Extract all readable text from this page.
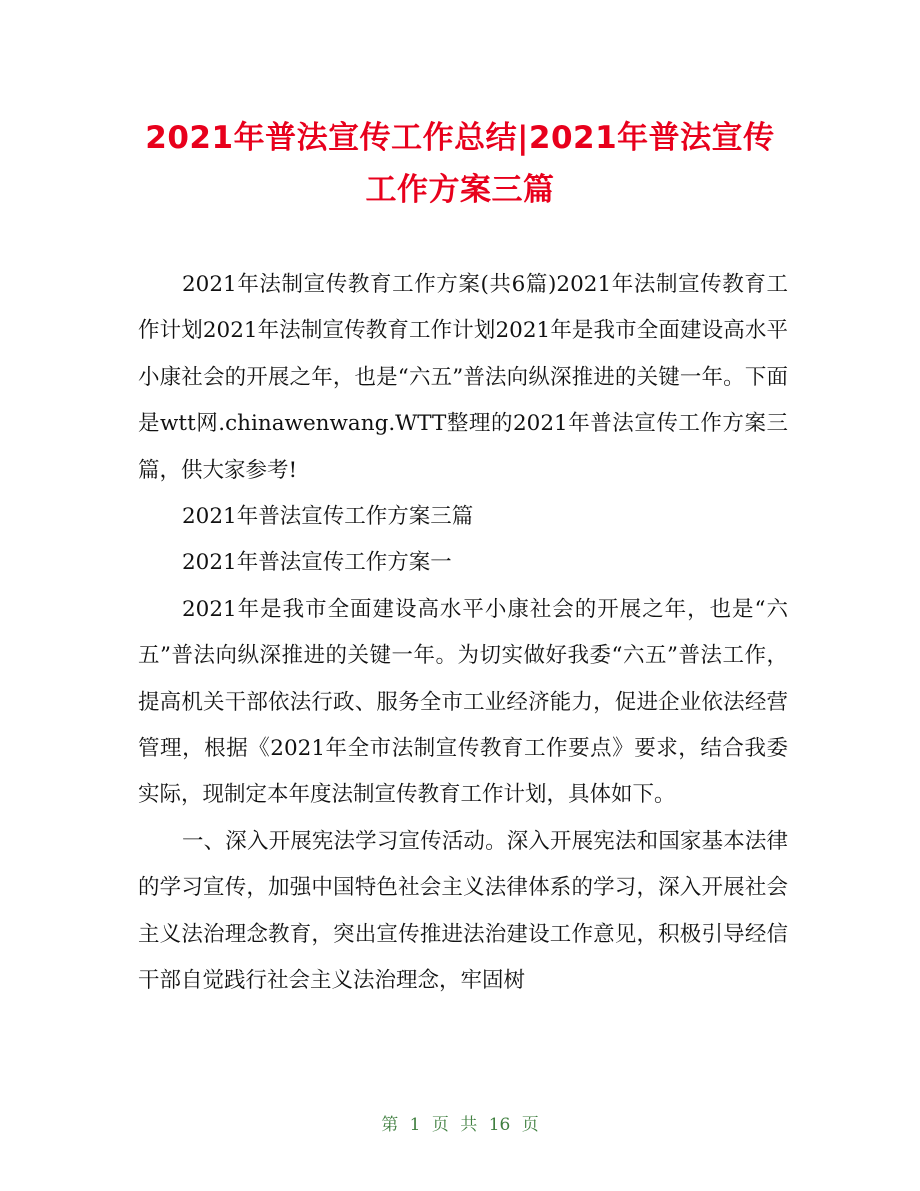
2021年普法宣传工作总结|2021年普法宣传工作方案三篇

2021年法制宣传教育工作方案(共6篇)2021年法制宣传教育工作计划2021年法制宣传教育工作计划2021年是我市全面建设高水平小康社会的开展之年，也是“六五”普法向纵深推进的关键一年。下面是wtt网.chinawenwang.WTT整理的2021年普法宣传工作方案三篇，供大家参考!

2021年普法宣传工作方案三篇

2021年普法宣传工作方案一

2021年是我市全面建设高水平小康社会的开展之年，也是“六五”普法向纵深推进的关键一年。为切实做好我委“六五”普法工作，提高机关干部依法行政、服务全市工业经济能力，促进企业依法经营管理，根据《2021年全市法制宣传教育工作要点》要求，结合我委实际，现制定本年度法制宣传教育工作计划，具体如下。

一、深入开展宪法学习宣传活动。深入开展宪法和国家基本法律的学习宣传，加强中国特色社会主义法律体系的学习，深入开展社会主义法治理念教育，突出宣传推进法治建设工作意见，积极引导经信干部自觉践行社会主义法治理念，牢固树

第 1 页 共 16 页
